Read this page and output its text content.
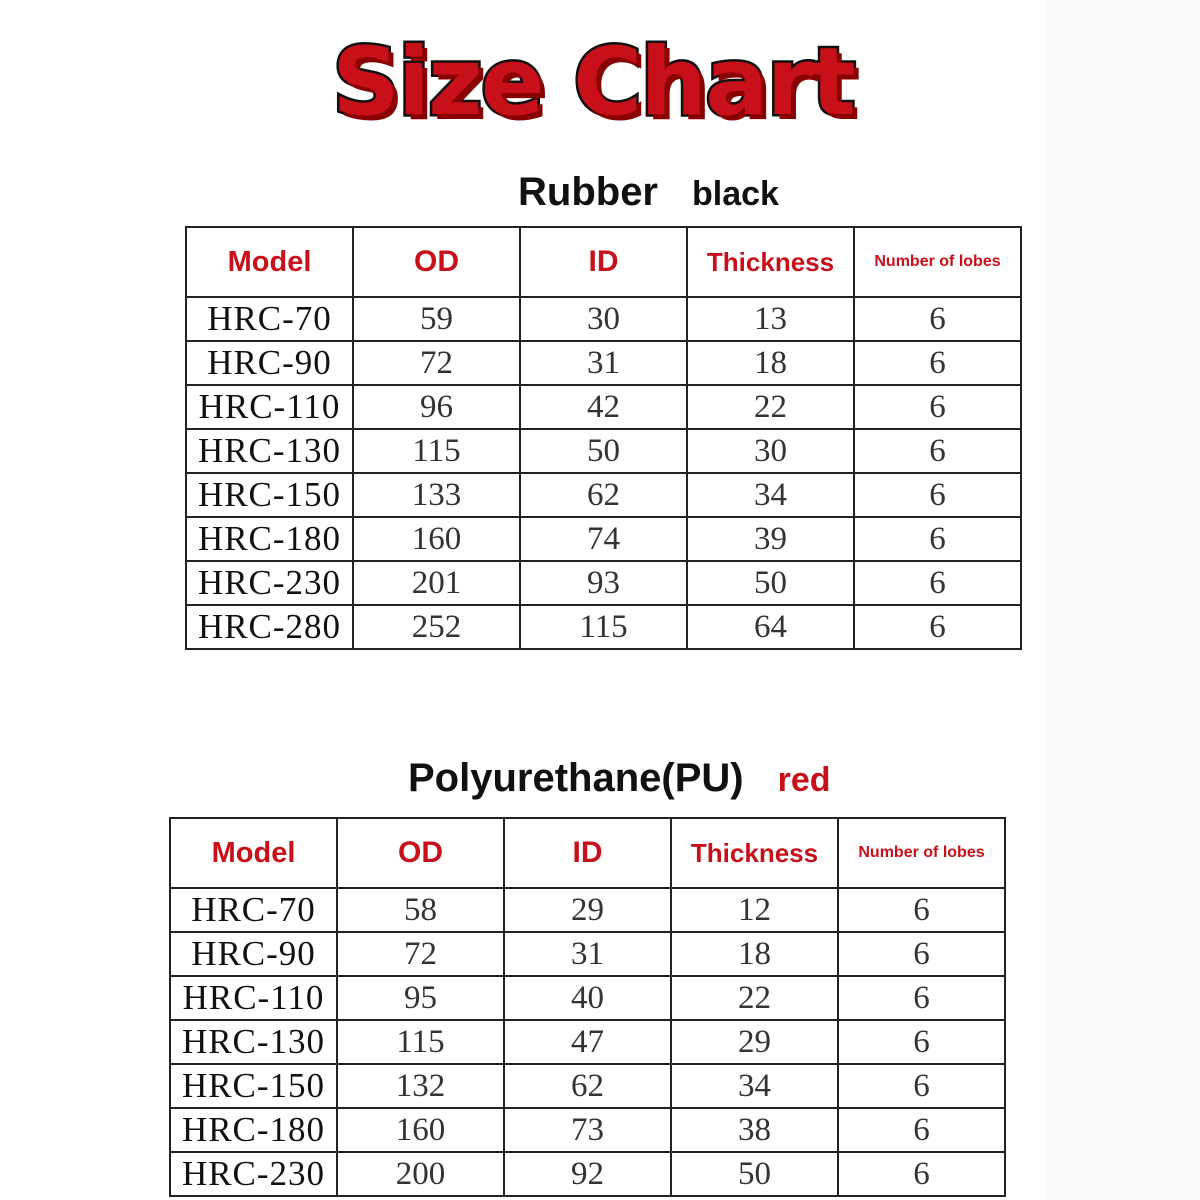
Size Chart
Rubber black
Model	OD	ID	Thickness	Number of lobes
HRC-70	59	30	13	6
HRC-90	72	31	18	6
HRC-110	96	42	22	6
HRC-130	115	50	30	6
HRC-150	133	62	34	6
HRC-180	160	74	39	6
HRC-230	201	93	50	6
HRC-280	252	115	64	6
Polyurethane(PU) red
Model	OD	ID	Thickness	Number of lobes
HRC-70	58	29	12	6
HRC-90	72	31	18	6
HRC-110	95	40	22	6
HRC-130	115	47	29	6
HRC-150	132	62	34	6
HRC-180	160	73	38	6
HRC-230	200	92	50	6
